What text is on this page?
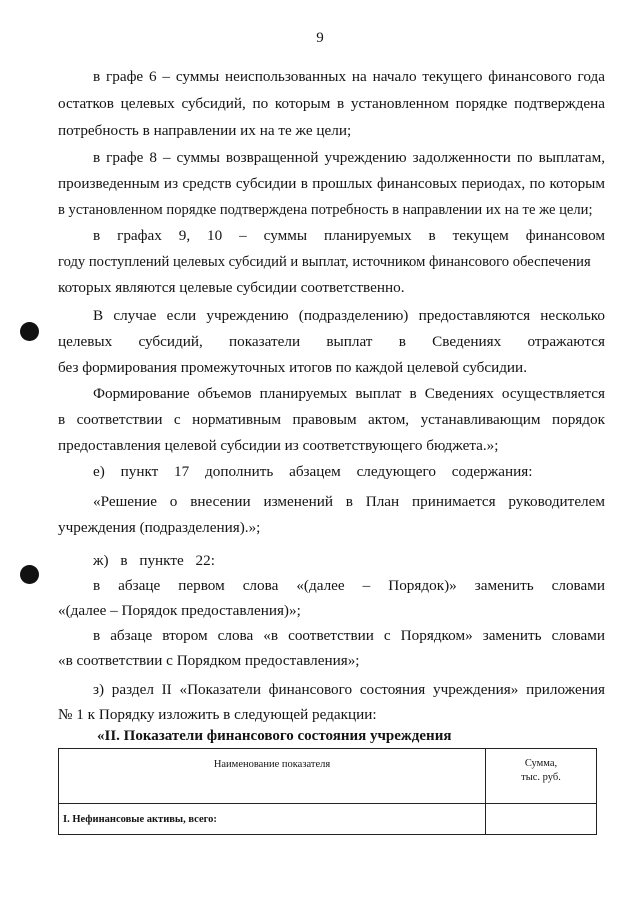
9
в графе 6 – суммы неиспользованных на начало текущего финансового года
остатков целевых субсидий, по которым в установленном порядке подтверждена
потребность в направлении их на те же цели;
в графе 8 – суммы возвращенной учреждению задолженности по выплатам,
произведенным из средств субсидии в прошлых финансовых периодах, по которым
в установленном порядке подтверждена потребность в направлении их на те же цели;
в графах 9, 10 – суммы планируемых в текущем финансовом
году поступлений целевых субсидий и выплат, источником финансового обеспечения
которых являются целевые субсидии соответственно.
В случае если учреждению (подразделению) предоставляются несколько
целевых субсидий, показатели выплат в Сведениях отражаются
без формирования промежуточных итогов по каждой целевой субсидии.
Формирование объемов планируемых выплат в Сведениях осуществляется
в соответствии с нормативным правовым актом, устанавливающим порядок
предоставления целевой субсидии из соответствующего бюджета.»;
е) пункт 17 дополнить абзацем следующего содержания:
«Решение о внесении изменений в План принимается руководителем
учреждения (подразделения).»;
ж) в пункте 22:
в абзаце первом слова «(далее – Порядок)» заменить словами
«(далее – Порядок предоставления)»;
в абзаце втором слова «в соответствии с Порядком» заменить словами
«в соответствии с Порядком предоставления»;
з) раздел II «Показатели финансового состояния учреждения» приложения
№ 1 к Порядку изложить в следующей редакции:
«II. Показатели финансового состояния учреждения
Наименование показателя	Сумма,
тыс. руб.

I. Нефинансовые активы, всего:	
